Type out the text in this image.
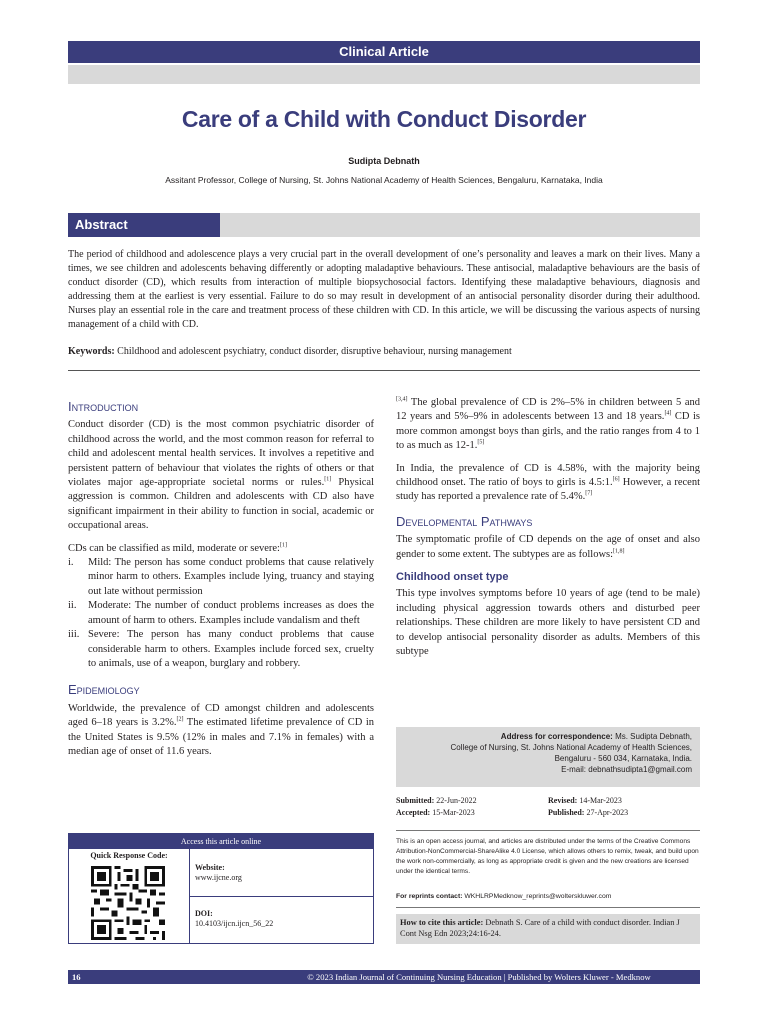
Clinical Article
Care of a Child with Conduct Disorder
Sudipta Debnath
Assitant Professor, College of Nursing, St. Johns National Academy of Health Sciences, Bengaluru, Karnataka, India
Abstract
The period of childhood and adolescence plays a very crucial part in the overall development of one’s personality and leaves a mark on their lives. Many a times, we see children and adolescents behaving differently or adopting maladaptive behaviours. These antisocial, maladaptive behaviours are the basis of conduct disorder (CD), which results from interaction of multiple biopsychosocial factors. Identifying these maladaptive behaviours, diagnosis and addressing them at the earliest is very essential. Failure to do so may result in development of an antisocial personality disorder during their adulthood. Nurses play an essential role in the care and treatment process of these children with CD. In this article, we will be discussing the various aspects of nursing management of a child with CD.
Keywords: Childhood and adolescent psychiatry, conduct disorder, disruptive behaviour, nursing management
Introduction
Conduct disorder (CD) is the most common psychiatric disorder of childhood across the world, and the most common reason for referral to child and adolescent mental health services. It involves a repetitive and persistent pattern of behaviour that violates the rights of others or that violates major age-appropriate societal norms or rules.[1] Physical aggression is common. Children and adolescents with CD also have significant impairment in their ability to function in social, academic or occupational areas.
CDs can be classified as mild, moderate or severe:[1]
i.	Mild: The person has some conduct problems that cause relatively minor harm to others. Examples include lying, truancy and staying out late without permission
ii.	Moderate: The number of conduct problems increases as does the amount of harm to others. Examples include vandalism and theft
iii. Severe: The person has many conduct problems that cause considerable harm to others. Examples include forced sex, cruelty to animals, use of a weapon, burglary and robbery.
Epidemiology
Worldwide, the prevalence of CD amongst children and adolescents aged 6–18 years is 3.2%.[2] The estimated lifetime prevalence of CD in the United States is 9.5% (12% in males and 7.1% in females) with a median age of onset of 11.6 years.
Access this article online
Quick Response Code:
Website:
www.ijcne.org
DOI:
10.4103/ijcn.ijcn_56_22
[3,4] The global prevalence of CD is 2%–5% in children between 5 and 12 years and 5%–9% in adolescents between 13 and 18 years.[4] CD is more common amongst boys than girls, and the ratio ranges from 4 to 1 to as much as 12-1.[5]
In India, the prevalence of CD is 4.58%, with the majority being childhood onset. The ratio of boys to girls is 4.5:1.[6] However, a recent study has reported a prevalence rate of 5.4%.[7]
Developmental Pathways
The symptomatic profile of CD depends on the age of onset and also gender to some extent. The subtypes are as follows:[1,8]
Childhood onset type
This type involves symptoms before 10 years of age (tend to be male) including physical aggression towards others and disturbed peer relationships. These children are more likely to have persistent CD and to develop antisocial personality disorder as adults. Members of this subtype
Address for correspondence: Ms. Sudipta Debnath,
College of Nursing, St. Johns National Academy of Health Sciences,
Bengaluru - 560 034, Karnataka, India.
E-mail: debnathsudipta1@gmail.com
Submitted: 22-Jun-2022	Revised: 14-Mar-2023
Accepted: 15-Mar-2023	Published: 27-Apr-2023
This is an open access journal, and articles are distributed under the terms of the Creative Commons Attribution-NonCommercial-ShareAlike 4.0 License, which allows others to remix, tweak, and build upon the work non-commercially, as long as appropriate credit is given and the new creations are licensed under the identical terms.
For reprints contact: WKHLRPMedknow_reprints@wolterskluwer.com
How to cite this article: Debnath S. Care of a child with conduct disorder. Indian J Cont Nsg Edn 2023;24:16-24.
16	© 2023 Indian Journal of Continuing Nursing Education | Published by Wolters Kluwer - Medknow
